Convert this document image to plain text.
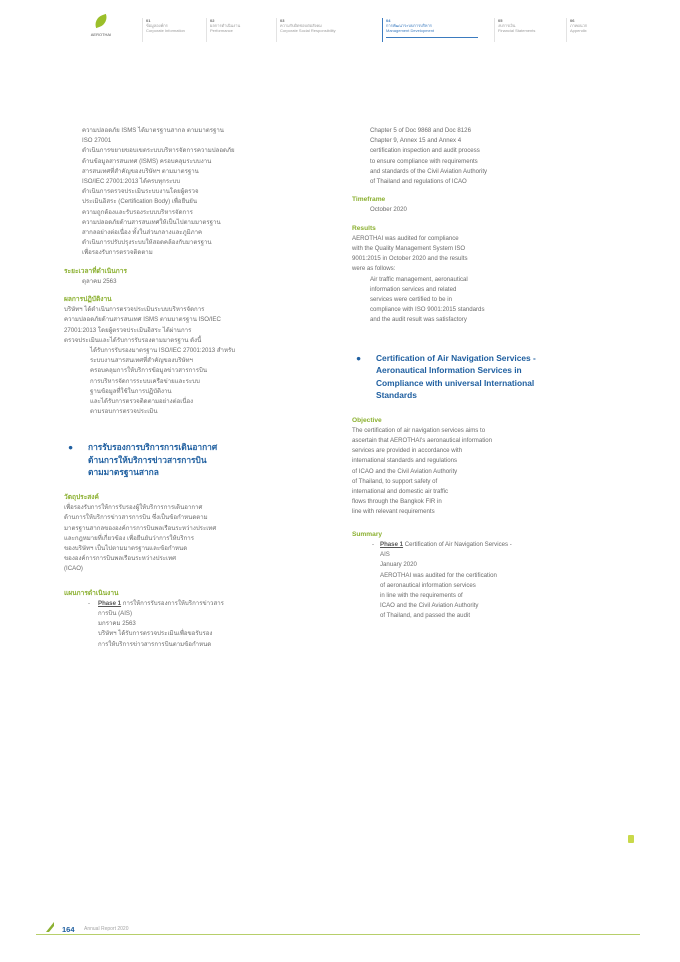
AEROTHAI
01
ข้อมูลองค์กร
Corporate Information
02
ผลการดำเนินงาน
Performance
03
ความรับผิดชอบต่อสังคม
Corporate Social Responsibility
04
การพัฒนาระบบการบริหาร
Management Development
05
งบการเงิน
Financial Statements
06
ภาคผนวก
Appendix

ความปลอดภัย ISMS ได้มาตรฐานสากล ตามมาตรฐาน

ISO 27001

ดำเนินการขยายขอบเขตระบบบริหารจัดการความปลอดภัย

ด้านข้อมูลสารสนเทศ (ISMS) ครอบคลุมระบบงาน

สารสนเทศที่สำคัญของบริษัทฯ ตามมาตรฐาน

ISO/IEC 27001:2013 ได้ครบทุกระบบ

ดำเนินการตรวจประเมินระบบงานโดยผู้ตรวจ

ประเมินอิสระ (Certification Body) เพื่อยืนยัน

ความถูกต้องและรับรองระบบบริหารจัดการ

ความปลอดภัยด้านสารสนเทศให้เป็นไปตามมาตรฐาน

สากลอย่างต่อเนื่อง ทั้งในส่วนกลางและภูมิภาค

ดำเนินการปรับปรุงระบบให้สอดคล้องกับมาตรฐาน

เพื่อรองรับการตรวจติดตาม

ระยะเวลาที่ดำเนินการ

ตุลาคม 2563

ผลการปฏิบัติงาน

บริษัทฯ ได้ดำเนินการตรวจประเมินระบบบริหารจัดการ

ความปลอดภัยด้านสารสนเทศ ISMS ตามมาตรฐาน ISO/IEC

27001:2013 โดยผู้ตรวจประเมินอิสระ ได้ผ่านการ

ตรวจประเมินและได้รับการรับรองตามมาตรฐาน ดังนี้

ได้รับการรับรองมาตรฐาน ISO/IEC 27001:2013 สำหรับ

ระบบงานสารสนเทศที่สำคัญของบริษัทฯ

ครอบคลุมการให้บริการข้อมูลข่าวสารการบิน

การบริหารจัดการระบบเครือข่ายและระบบ

ฐานข้อมูลที่ใช้ในการปฏิบัติงาน

และได้รับการตรวจติดตามอย่างต่อเนื่อง

ตามรอบการตรวจประเมิน

● การรับรองการบริการการเดินอากาศ
ด้านการให้บริการข่าวสารการบิน
ตามมาตรฐานสากล
วัตถุประสงค์

เพื่อรองรับการให้การรับรองผู้ให้บริการการเดินอากาศ

ด้านการให้บริการข่าวสารการบิน ซึ่งเป็นข้อกำหนดตาม

มาตรฐานสากลขององค์การการบินพลเรือนระหว่างประเทศ

และกฎหมายที่เกี่ยวข้อง เพื่อยืนยันว่าการให้บริการ

ของบริษัทฯ เป็นไปตามมาตรฐานและข้อกำหนด

ขององค์การการบินพลเรือนระหว่างประเทศ

(ICAO)

แผนการดำเนินงาน
- Phase 1 การให้การรับรองการให้บริการข่าวสาร

การบิน (AIS)

มกราคม 2563

บริษัทฯ ได้รับการตรวจประเมินเพื่อขอรับรอง

การให้บริการข่าวสารการบินตามข้อกำหนด

Chapter 5 of Doc 9868 and Doc 8126

Chapter 9, Annex 15 and Annex 4

certification inspection and audit process

to ensure compliance with requirements

and standards of the Civil Aviation Authority

of Thailand and regulations of ICAO

Timeframe

October 2020

Results

AEROTHAI was audited for compliance

with the Quality Management System ISO

9001:2015 in October 2020 and the results

were as follows:

Air traffic management, aeronautical

information services and related

services were certified to be in

compliance with ISO 9001:2015 standards

and the audit result was satisfactory

● Certification of Air Navigation Services -
Aeronautical Information Services in
Compliance with universal International
Standards
Objective

The certification of air navigation services aims to

ascertain that AEROTHAI's aeronautical information

services are provided in accordance with

international standards and regulations

of ICAO and the Civil Aviation Authority

of Thailand, to support safety of

international and domestic air traffic

flows through the Bangkok FIR in

line with relevant requirements

Summary
- Phase 1 Certification of Air Navigation Services -

AIS

January 2020

AEROTHAI was audited for the certification

of aeronautical information services

in line with the requirements of

ICAO and the Civil Aviation Authority

of Thailand, and passed the audit

164 Annual Report 2020
